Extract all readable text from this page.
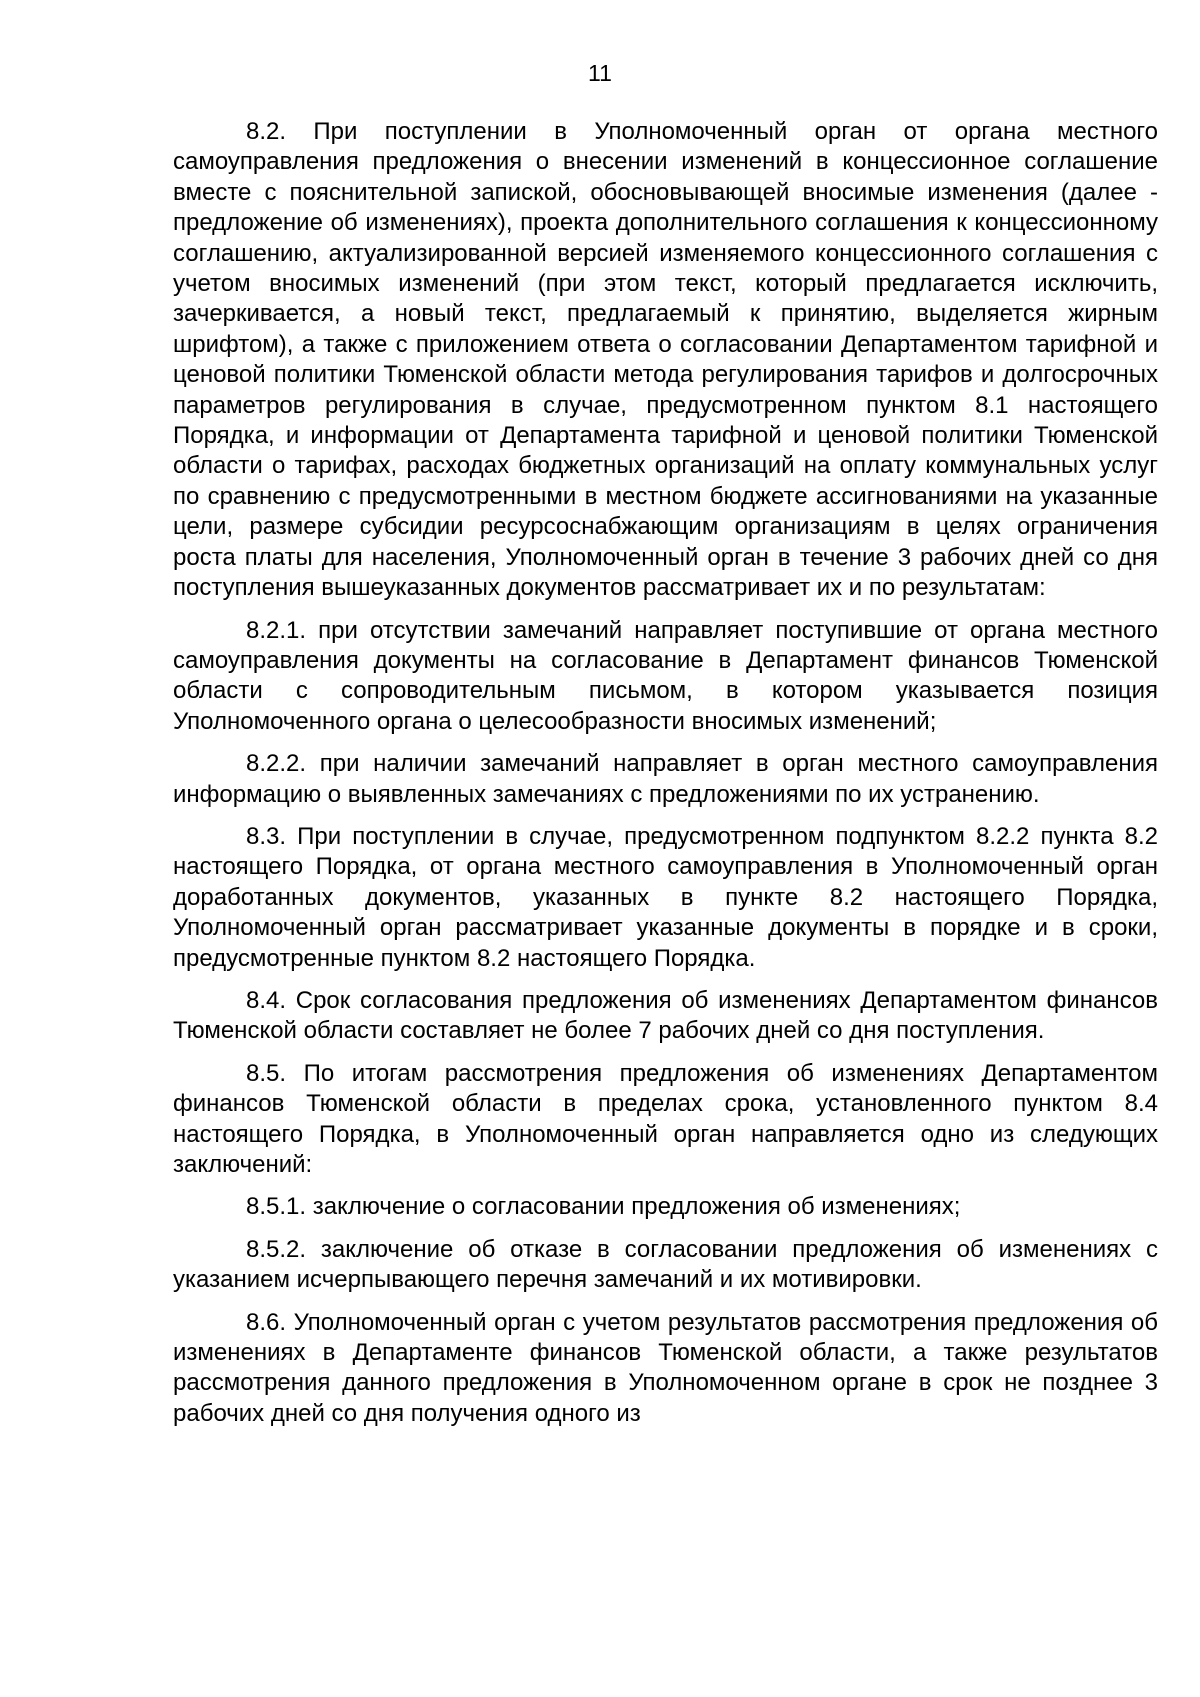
11

8.2. При поступлении в Уполномоченный орган от органа местного самоуправления предложения о внесении изменений в концессионное соглашение вместе с пояснительной запиской, обосновывающей вносимые изменения (далее - предложение об изменениях), проекта дополнительного соглашения к концессионному соглашению, актуализированной версией изменяемого концессионного соглашения с учетом вносимых изменений (при этом текст, который предлагается исключить, зачеркивается, а новый текст, предлагаемый к принятию, выделяется жирным шрифтом), а также с приложением ответа о согласовании Департаментом тарифной и ценовой политики Тюменской области метода регулирования тарифов и долгосрочных параметров регулирования в случае, предусмотренном пунктом 8.1 настоящего Порядка, и информации от Департамента тарифной и ценовой политики Тюменской области о тарифах, расходах бюджетных организаций на оплату коммунальных услуг по сравнению с предусмотренными в местном бюджете ассигнованиями на указанные цели, размере субсидии ресурсоснабжающим организациям в целях ограничения роста платы для населения, Уполномоченный орган в течение 3 рабочих дней со дня поступления вышеуказанных документов рассматривает их и по результатам:

8.2.1. при отсутствии замечаний направляет поступившие от органа местного самоуправления документы на согласование в Департамент финансов Тюменской области с сопроводительным письмом, в котором указывается позиция Уполномоченного органа о целесообразности вносимых изменений;

8.2.2. при наличии замечаний направляет в орган местного самоуправления информацию о выявленных замечаниях с предложениями по их устранению.

8.3. При поступлении в случае, предусмотренном подпунктом 8.2.2 пункта 8.2 настоящего Порядка, от органа местного самоуправления в Уполномоченный орган доработанных документов, указанных в пункте 8.2 настоящего Порядка, Уполномоченный орган рассматривает указанные документы в порядке и в сроки, предусмотренные пунктом 8.2 настоящего Порядка.

8.4. Срок согласования предложения об изменениях Департаментом финансов Тюменской области составляет не более 7 рабочих дней со дня поступления.

8.5. По итогам рассмотрения предложения об изменениях Департаментом финансов Тюменской области в пределах срока, установленного пунктом 8.4 настоящего Порядка, в Уполномоченный орган направляется одно из следующих заключений:

8.5.1. заключение о согласовании предложения об изменениях;

8.5.2. заключение об отказе в согласовании предложения об изменениях с указанием исчерпывающего перечня замечаний и их мотивировки.

8.6. Уполномоченный орган с учетом результатов рассмотрения предложения об изменениях в Департаменте финансов Тюменской области, а также результатов рассмотрения данного предложения в Уполномоченном органе в срок не позднее 3 рабочих дней со дня получения одного из
